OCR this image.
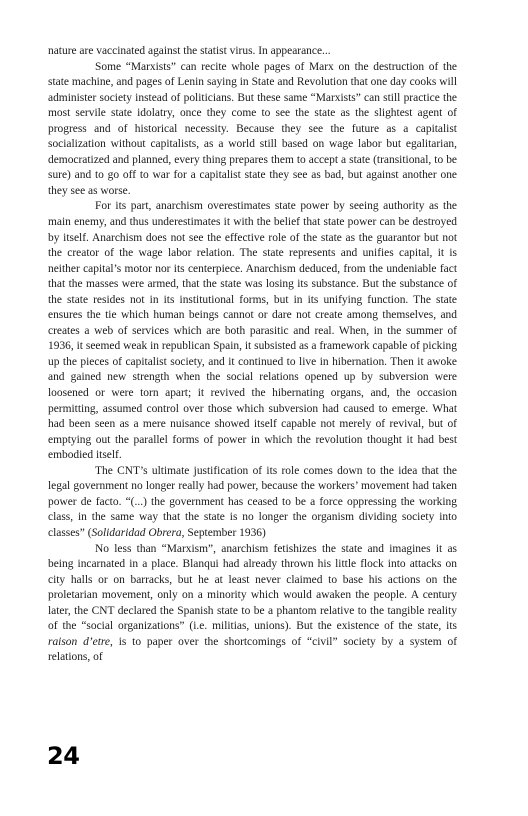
nature are vaccinated against the statist virus. In appearance...

Some “Marxists” can recite whole pages of Marx on the destruction of the state machine, and pages of Lenin saying in State and Revolution that one day cooks will administer society instead of politicians. But these same “Marxists” can still practice the most servile state idolatry, once they come to see the state as the slightest agent of progress and of historical necessity. Because they see the future as a capitalist socialization without capitalists, as a world still based on wage labor but egalitarian, democratized and planned, every thing prepares them to accept a state (transitional, to be sure) and to go off to war for a capitalist state they see as bad, but against another one they see as worse.

For its part, anarchism overestimates state power by seeing authority as the main enemy, and thus underestimates it with the belief that state power can be destroyed by itself. Anarchism does not see the effective role of the state as the guarantor but not the creator of the wage labor relation. The state represents and unifies capital, it is neither capital’s motor nor its centerpiece. Anarchism deduced, from the undeniable fact that the masses were armed, that the state was losing its substance. But the substance of the state resides not in its institutional forms, but in its unifying function. The state ensures the tie which human beings cannot or dare not create among themselves, and creates a web of services which are both parasitic and real. When, in the summer of 1936, it seemed weak in republican Spain, it subsisted as a framework capable of picking up the pieces of capitalist society, and it continued to live in hibernation. Then it awoke and gained new strength when the social relations opened up by subversion were loosened or were torn apart; it revived the hibernating organs, and, the occasion permitting, assumed control over those which subversion had caused to emerge. What had been seen as a mere nuisance showed itself capable not merely of revival, but of emptying out the parallel forms of power in which the revolution thought it had best embodied itself.

The CNT’s ultimate justification of its role comes down to the idea that the legal government no longer really had power, because the workers’ movement had taken power de facto. “(...) the government has ceased to be a force oppressing the working class, in the same way that the state is no longer the organism dividing society into classes” (Solidaridad Obrera, September 1936)

No less than “Marxism”, anarchism fetishizes the state and imagines it as being incarnated in a place. Blanqui had already thrown his little flock into attacks on city halls or on barracks, but he at least never claimed to base his actions on the proletarian movement, only on a minority which would awaken the people. A century later, the CNT declared the Spanish state to be a phantom relative to the tangible reality of the “social organizations” (i.e. militias, unions). But the existence of the state, its raison d’etre, is to paper over the shortcomings of “civil” society by a system of relations, of

24
